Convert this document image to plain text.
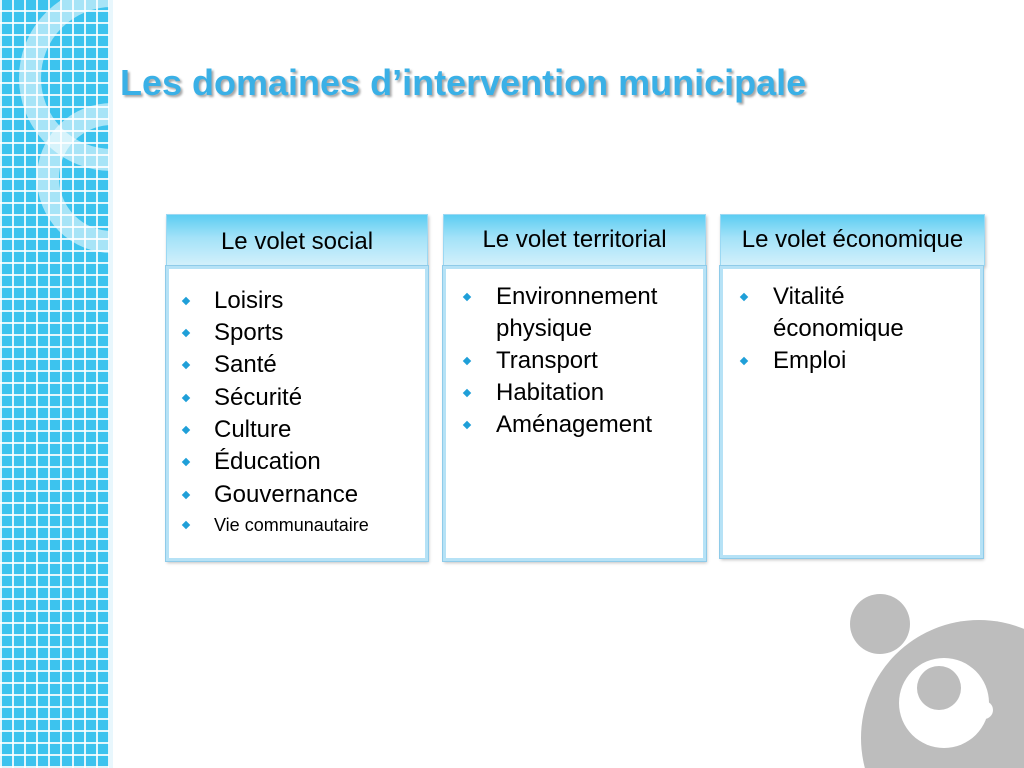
Les domaines d’intervention municipale
Le volet social
Loisirs
Sports
Santé
Sécurité
Culture
Éducation
Gouvernance
Vie communautaire
Le volet territorial
Environnement physique
Transport
Habitation
Aménagement
Le volet économique
Vitalité économique
Emploi
